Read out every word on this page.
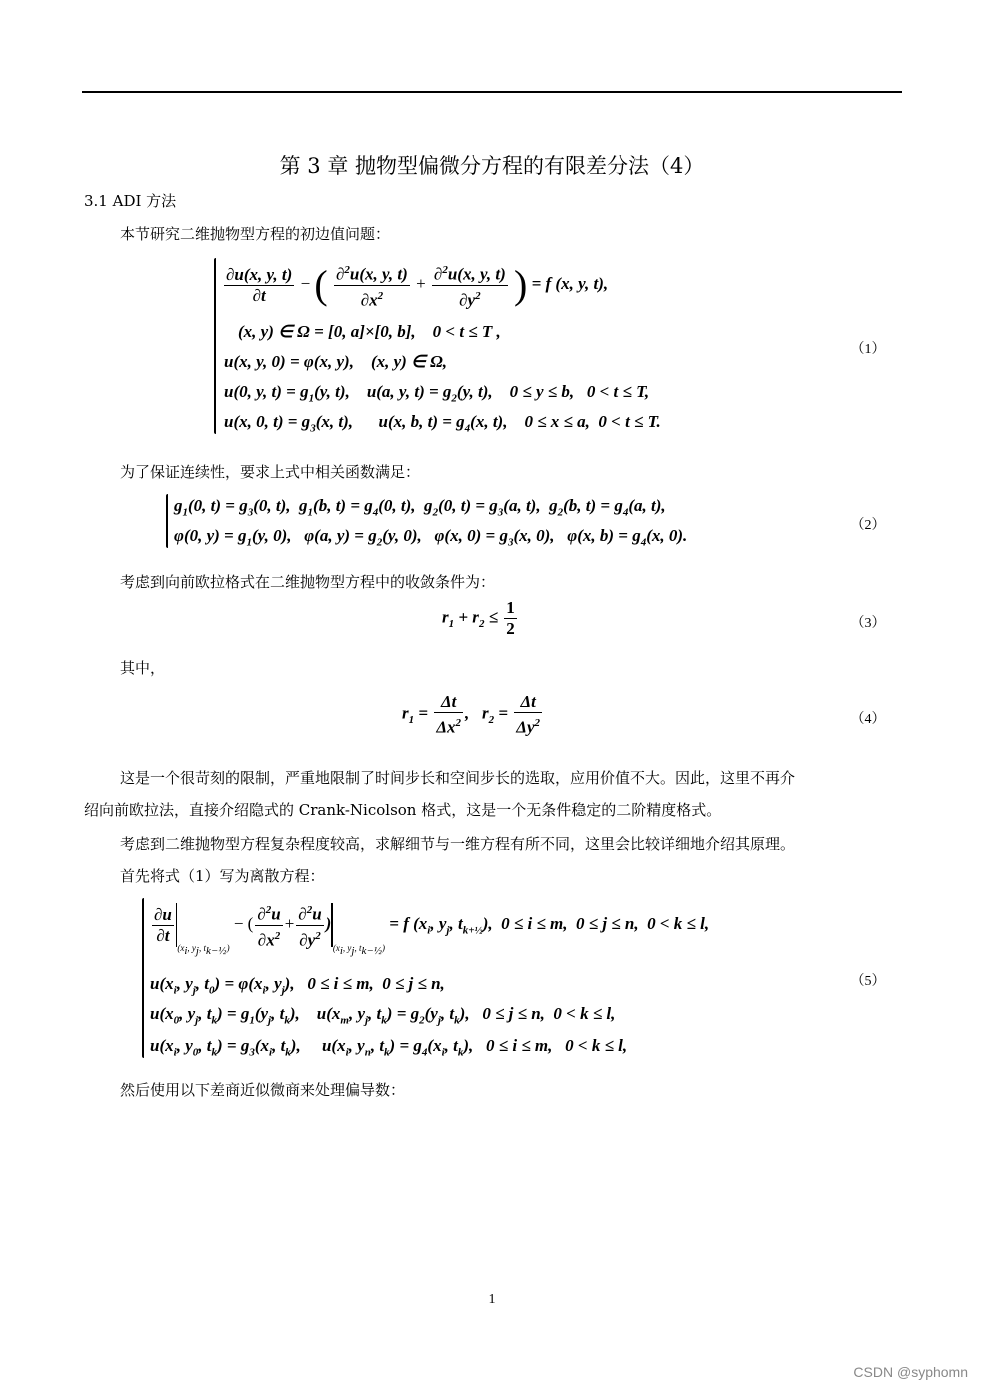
第 3 章 抛物型偏微分方程的有限差分法（4）
3.1 ADI 方法
本节研究二维抛物型方程的初边值问题：
$\frac{\partial u(x, y, t)}{\partial t}$ − ( $\frac{\partial^2u(x, y, t)}{\partial x^2} + \frac{\partial^2u(x, y, t)}{\partial y^2}$ ) = f (x, y, t),
(x, y) ∈ Ω = [0, a]×[0, b],    0 < t ≤ T ,
u(x, y, 0) = φ(x, y),    (x, y) ∈ Ω,
u(0, y, $t) = g_1(y$, t),    u(a, y, $t) = g_2(y$, t),    0 ≤ y ≤ b,   0 < t ≤ T,
u(x, 0, $t) = g_3(x$, t),      u(x, b, $t) = g_4(x$, t),    0 ≤ x ≤ a,  0 < t ≤ T.
（1）
为了保证连续性，要求上式中相关函数满足：
$g_1(0$, $t) = g_3(0$, t),  $g_1(b$, $t) = g_4(0$, t),  $g_2(0$, $t) = g_3(a$, t),  $g_2(b$, $t) = g_4(a$, t),
φ(0, $y) = g_1(y$, 0),   φ(a, $y) = g_2(y$, 0),   φ(x, $0) = g_3(x$, 0),   φ(x, $b) = g_4(x$, 0).
（2）
考虑到向前欧拉格式在二维抛物型方程中的收敛条件为：
$r_1 + r_2 \le \frac{1}{2}$	（3）
其中，
$r_1 = \frac{\Delta t}{\Delta x^2}$ ,   $r_2 = \frac{\Delta t}{\Delta y^2}$	（4）
这是一个很苛刻的限制，严重地限制了时间步长和空间步长的选取，应用价值不大。因此，这里不再介
绍向前欧拉法，直接介绍隐式的 Crank-Nicolson 格式，这是一个无条件稳定的二阶精度格式。
考虑到二维抛物型方程复杂程度较高，求解细节与一维方程有所不同，这里会比较详细地介绍其原理。
首先将式（1）写为离散方程：
$\frac{\partial u}{\partial t}$
$_{(x_i, y_j, t_{k-\frac{1}{2}})}$ − ( $\frac{\partial^2u}{\partial x^2} + \frac{\partial^2u}{\partial y^2} )_{(x_i, y_j, t_{k-\frac{1}{2}})} = f$ ($x_i$, $y_j$, $t_{k+\frac{1}{2}}$),  0 ≤ i ≤ m,  0 ≤ j ≤ n,  0 < k ≤ l,
$u(x_i$, $y_j$, $t_0) = \varphi(x_i$, $y_j$),   0 ≤ i ≤ m,  0 ≤ j ≤ n,
$u(x_0$, $y_j$, $t_k) = g_1(y_j$, $t_k$),    $u(x_m$, $y_j$, $t_k) = g_2(y_j$, $t_k$),   0 ≤ j ≤ n,  0 < k ≤ l,
$u(x_i$, $y_0$, $t_k) = g_3(x_i$, $t_k$),     $u(x_i$, $y_n$, $t_k) = g_4(x_i$, $t_k$),   0 ≤ i ≤ m,   0 < k ≤ l,
（5）
然后使用以下差商近似微商来处理偏导数：
1
CSDN @syphomn
